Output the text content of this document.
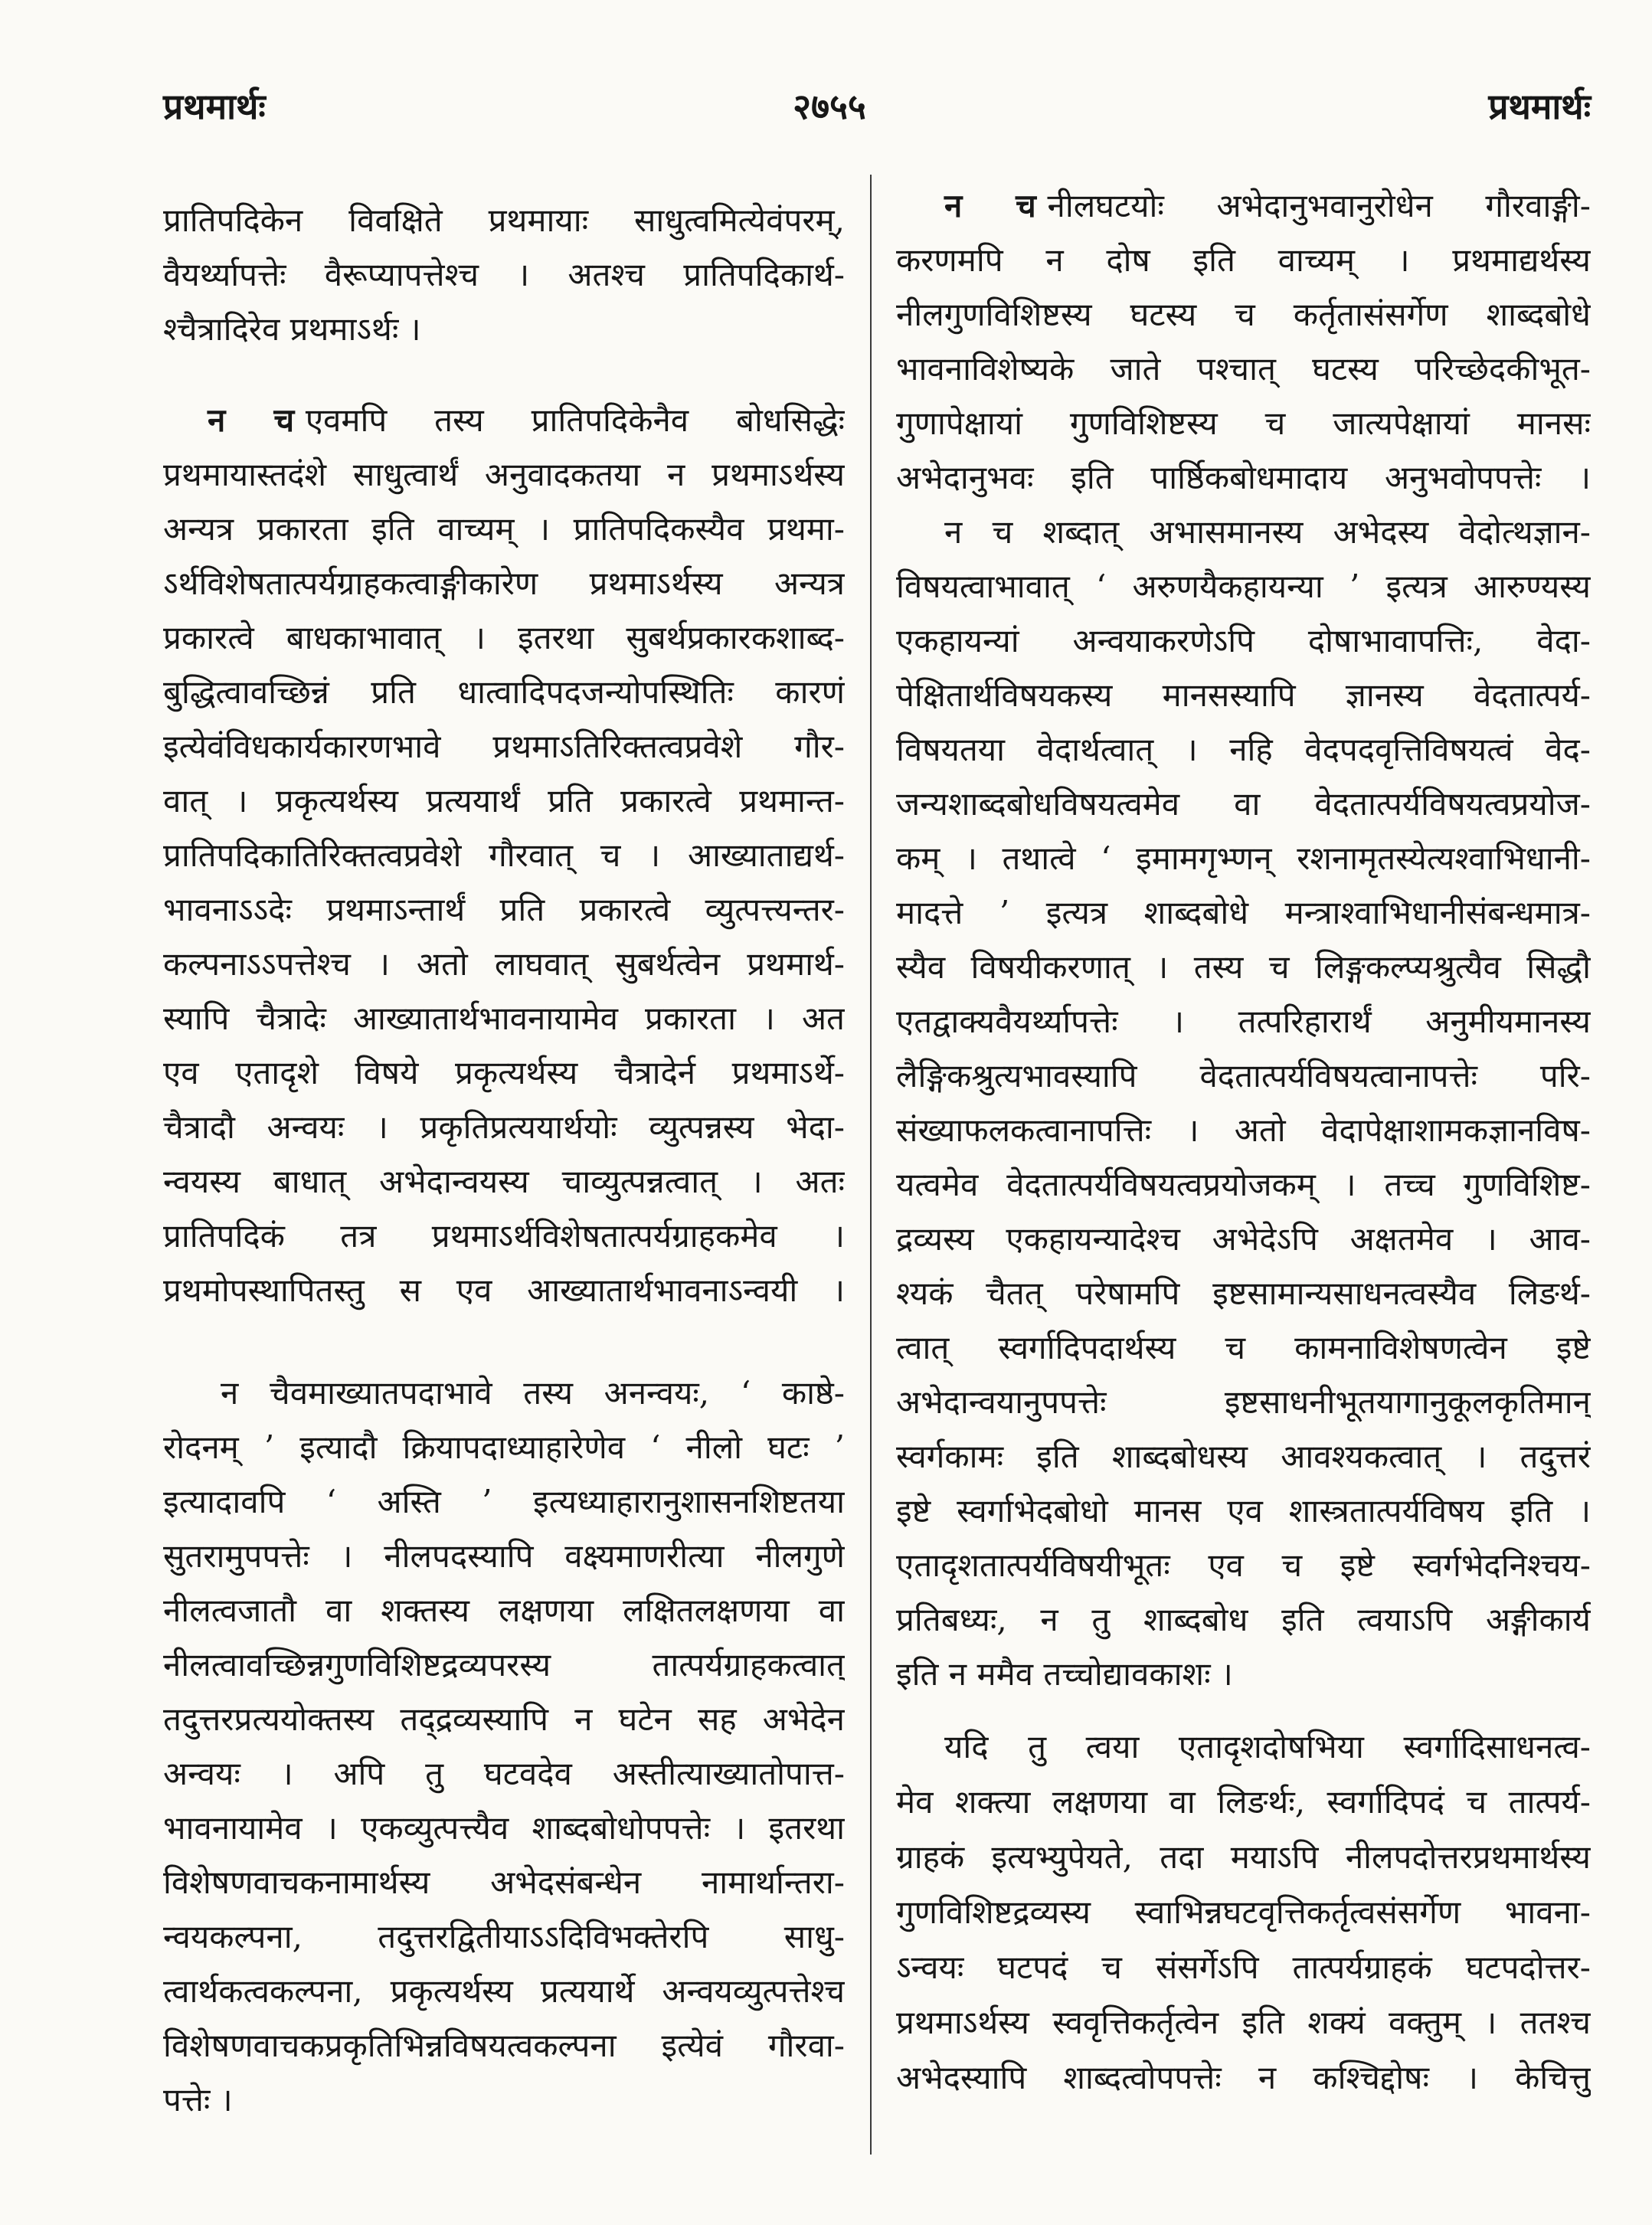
प्रथमार्थः	२७५५	प्रथमार्थः
प्रातिपदिकेन विवक्षिते प्रथमायाः साधुत्वमित्येवंपरम्,
वैयर्थ्यापत्तेः वैरूप्यापत्तेश्च । अतश्च प्रातिपदिकार्थ-
श्चैत्रादिरेव प्रथमाऽर्थः ।
न च एवमपि तस्य प्रातिपदिकेनैव बोधसिद्धेः
प्रथमायास्तदंशे साधुत्वार्थं अनुवादकतया न प्रथमाऽर्थस्य
अन्यत्र प्रकारता इति वाच्यम् । प्रातिपदिकस्यैव प्रथमा-
ऽर्थविशेषतात्पर्यग्राहकत्वाङ्गीकारेण प्रथमाऽर्थस्य अन्यत्र
प्रकारत्वे बाधकाभावात् । इतरथा सुबर्थप्रकारकशाब्द-
बुद्धित्वावच्छिन्नं प्रति धात्वादिपदजन्योपस्थितिः कारणं
इत्येवंविधकार्यकारणभावे प्रथमाऽतिरिक्तत्वप्रवेशे गौर-
वात् । प्रकृत्यर्थस्य प्रत्ययार्थं प्रति प्रकारत्वे प्रथमान्त-
प्रातिपदिकातिरिक्तत्वप्रवेशे गौरवात् च । आख्याताद्यर्थ-
भावनाऽऽदेः प्रथमाऽन्तार्थं प्रति प्रकारत्वे व्युत्पत्त्यन्तर-
कल्पनाऽऽपत्तेश्च । अतो लाघवात् सुबर्थत्वेन प्रथमार्थ-
स्यापि चैत्रादेः आख्यातार्थभावनायामेव प्रकारता । अत
एव एतादृशे विषये प्रकृत्यर्थस्य चैत्रादेर्न प्रथमाऽर्थे-
चैत्रादौ अन्वयः । प्रकृतिप्रत्ययार्थयोः व्युत्पन्नस्य भेदा-
न्वयस्य बाधात् अभेदान्वयस्य चाव्युत्पन्नत्वात् । अतः
प्रातिपदिकं तत्र प्रथमाऽर्थविशेषतात्पर्यग्राहकमेव ।
प्रथमोपस्थापितस्तु स एव आख्यातार्थभावनाऽन्वयी ।
न चैवमाख्यातपदाभावे तस्य अनन्वयः, ‘ काष्ठे-
रोदनम् ’ इत्यादौ क्रियापदाध्याहारेणेव ‘ नीलो घटः ’
इत्यादावपि ‘ अस्ति ’ इत्यध्याहारानुशासनशिष्टतया
सुतरामुपपत्तेः । नीलपदस्यापि वक्ष्यमाणरीत्या नीलगुणे
नीलत्वजातौ वा शक्तस्य लक्षणया लक्षितलक्षणया वा
नीलत्वावच्छिन्नगुणविशिष्टद्रव्यपरस्य तात्पर्यग्राहकत्वात्
तदुत्तरप्रत्ययोक्तस्य तद्द्रव्यस्यापि न घटेन सह अभेदेन
अन्वयः । अपि तु घटवदेव अस्तीत्याख्यातोपात्त-
भावनायामेव । एकव्युत्पत्त्यैव शाब्दबोधोपपत्तेः । इतरथा
विशेषणवाचकनामार्थस्य अभेदसंबन्धेन नामार्थान्तरा-
न्वयकल्पना, तदुत्तरद्वितीयाऽऽदिविभक्तेरपि साधु-
त्वार्थकत्वकल्पना, प्रकृत्यर्थस्य प्रत्ययार्थे अन्वयव्युत्पत्तेश्च
विशेषणवाचकप्रकृतिभिन्नविषयत्वकल्पना इत्येवं गौरवा-
पत्तेः ।
न च नीलघटयोः अभेदानुभवानुरोधेन गौरवाङ्गी-
करणमपि न दोष इति वाच्यम् । प्रथमाद्यर्थस्य
नीलगुणविशिष्टस्य घटस्य च कर्तृतासंसर्गेण शाब्दबोधे
भावनाविशेष्यके जाते पश्चात् घटस्य परिच्छेदकीभूत-
गुणापेक्षायां गुणविशिष्टस्य च जात्यपेक्षायां मानसः
अभेदानुभवः इति पार्ष्ठिकबोधमादाय अनुभवोपपत्तेः ।
न च शब्दात् अभासमानस्य अभेदस्य वेदोत्थज्ञान-
विषयत्वाभावात् ‘ अरुणयैकहायन्या ’ इत्यत्र आरुण्यस्य
एकहायन्यां अन्वयाकरणेऽपि दोषाभावापत्तिः, वेदा-
पेक्षितार्थविषयकस्य मानसस्यापि ज्ञानस्य वेदतात्पर्य-
विषयतया वेदार्थत्वात् । नहि वेदपदवृत्तिविषयत्वं वेद-
जन्यशाब्दबोधविषयत्वमेव वा वेदतात्पर्यविषयत्वप्रयोज-
कम् । तथात्वे ‘ इमामगृभ्णन् रशनामृतस्येत्यश्वाभिधानी-
मादत्ते ’ इत्यत्र शाब्दबोधे मन्त्राश्वाभिधानीसंबन्धमात्र-
स्यैव विषयीकरणात् । तस्य च लिङ्गकल्प्यश्रुत्यैव सिद्धौ
एतद्वाक्यवैयर्थ्यापत्तेः । तत्परिहारार्थं अनुमीयमानस्य
लैङ्गिकश्रुत्यभावस्यापि वेदतात्पर्यविषयत्वानापत्तेः परि-
संख्याफलकत्वानापत्तिः । अतो वेदापेक्षाशामकज्ञानविष-
यत्वमेव वेदतात्पर्यविषयत्वप्रयोजकम् । तच्च गुणविशिष्ट-
द्रव्यस्य एकहायन्यादेश्च अभेदेऽपि अक्षतमेव । आव-
श्यकं चैतत् परेषामपि इष्टसामान्यसाधनत्वस्यैव लिङर्थ-
त्वात् स्वर्गादिपदार्थस्य च कामनाविशेषणत्वेन इष्टे
अभेदान्वयानुपपत्तेः इष्टसाधनीभूतयागानुकूलकृतिमान्
स्वर्गकामः इति शाब्दबोधस्य आवश्यकत्वात् । तदुत्तरं
इष्टे स्वर्गाभेदबोधो मानस एव शास्त्रतात्पर्यविषय इति ।
एतादृशतात्पर्यविषयीभूतः एव च इष्टे स्वर्गभेदनिश्चय-
प्रतिबध्यः, न तु शाब्दबोध इति त्वयाऽपि अङ्गीकार्य
इति न ममैव तच्चोद्यावकाशः ।
यदि तु त्वया एतादृशदोषभिया स्वर्गादिसाधनत्व-
मेव शक्त्या लक्षणया वा लिङर्थः, स्वर्गादिपदं च तात्पर्य-
ग्राहकं इत्यभ्युपेयते, तदा मयाऽपि नीलपदोत्तरप्रथमार्थस्य
गुणविशिष्टद्रव्यस्य स्वाभिन्नघटवृत्तिकर्तृत्वसंसर्गेण भावना-
ऽन्वयः घटपदं च संसर्गेऽपि तात्पर्यग्राहकं घटपदोत्तर-
प्रथमाऽर्थस्य स्ववृत्तिकर्तृत्वेन इति शक्यं वक्तुम् । ततश्च
अभेदस्यापि शाब्दत्वोपपत्तेः न कश्चिद्दोषः । केचित्तु
